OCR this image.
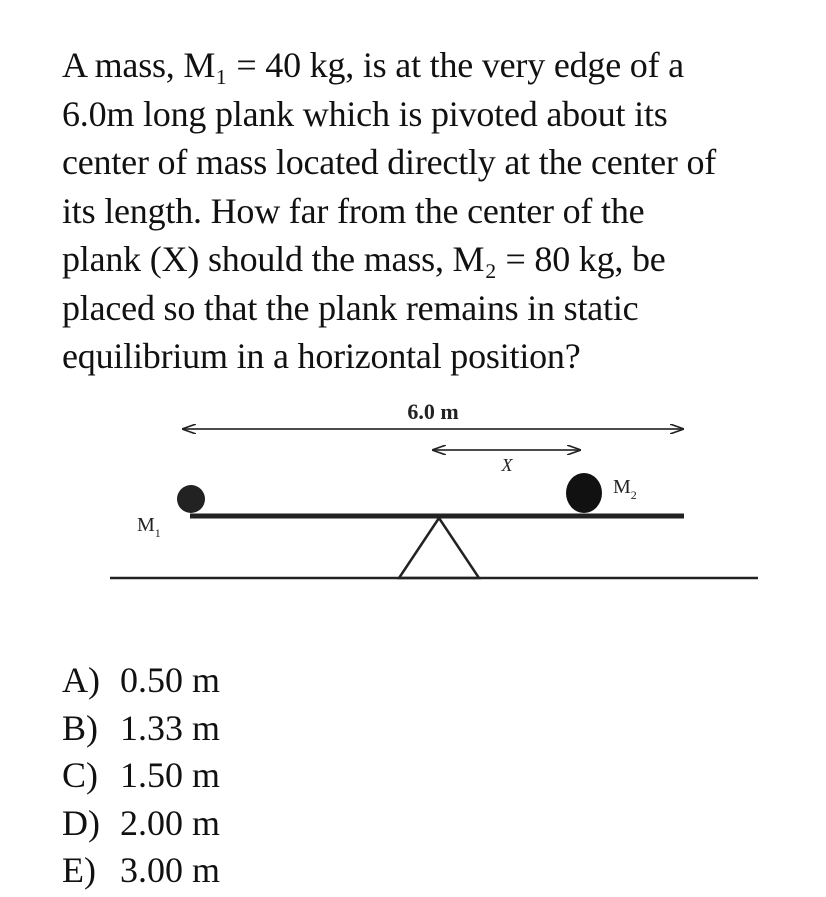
A mass, M₁ = 40 kg, is at the very edge of a
6.0m long plank which is pivoted about its
center of mass located directly at the center of
its length. How far from the center of the
plank (X) should the mass, M₂ = 80 kg, be
placed so that the plank remains in static
equilibrium in a horizontal position?
6.0 m
X
$M_2$
$M_1$
A) 0.50 m
B) 1.33 m
C) 1.50 m
D) 2.00 m
E) 3.00 m
